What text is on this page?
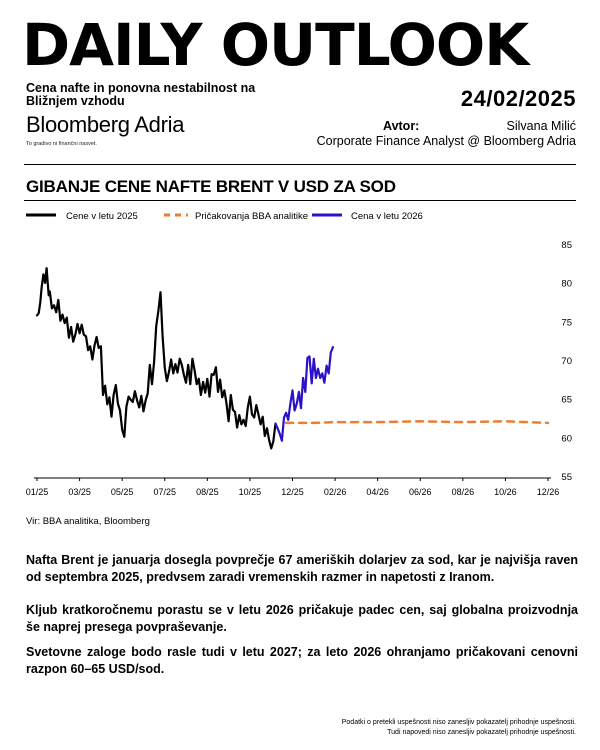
DAILY OUTLOOK
Cena nafte in ponovna nestabilnost na Bližnjem vzhodu	24/02/2025
Bloomberg Adria
To gradivo ni finančni nasvet.
Avtor:	Silvana Milić
Corporate Finance Analyst @ Bloomberg Adria
GIBANJE CENE NAFTE BRENT V USD ZA SOD
Cene v letu 2025	Pričakovanja BBA analitike	Cena v letu 2026
01/25 03/25 05/25 07/25 08/25 10/25 12/25 02/26 04/26 06/26 08/26 10/26 12/26
55
60
65
70
75
80
85
Vir: BBA analitika, Bloomberg
Nafta Brent je januarja dosegla povprečje 67 ameriških dolarjev za sod, kar je najvišja raven od septembra 2025, predvsem zaradi vremenskih razmer in napetosti z Iranom.
Kljub kratkoročnemu porastu se v letu 2026 pričakuje padec cen, saj globalna proizvodnja še naprej presega povpraševanje.
Svetovne zaloge bodo rasle tudi v letu 2027; za leto 2026 ohranjamo pričakovani cenovni razpon 60–65 USD/sod.
Podatki o pretekli uspešnosti niso zanesljiv pokazatelj prihodnje uspešnosti.
Tudi napovedi niso zanesljiv pokazatelj prihodnje uspešnosti.
